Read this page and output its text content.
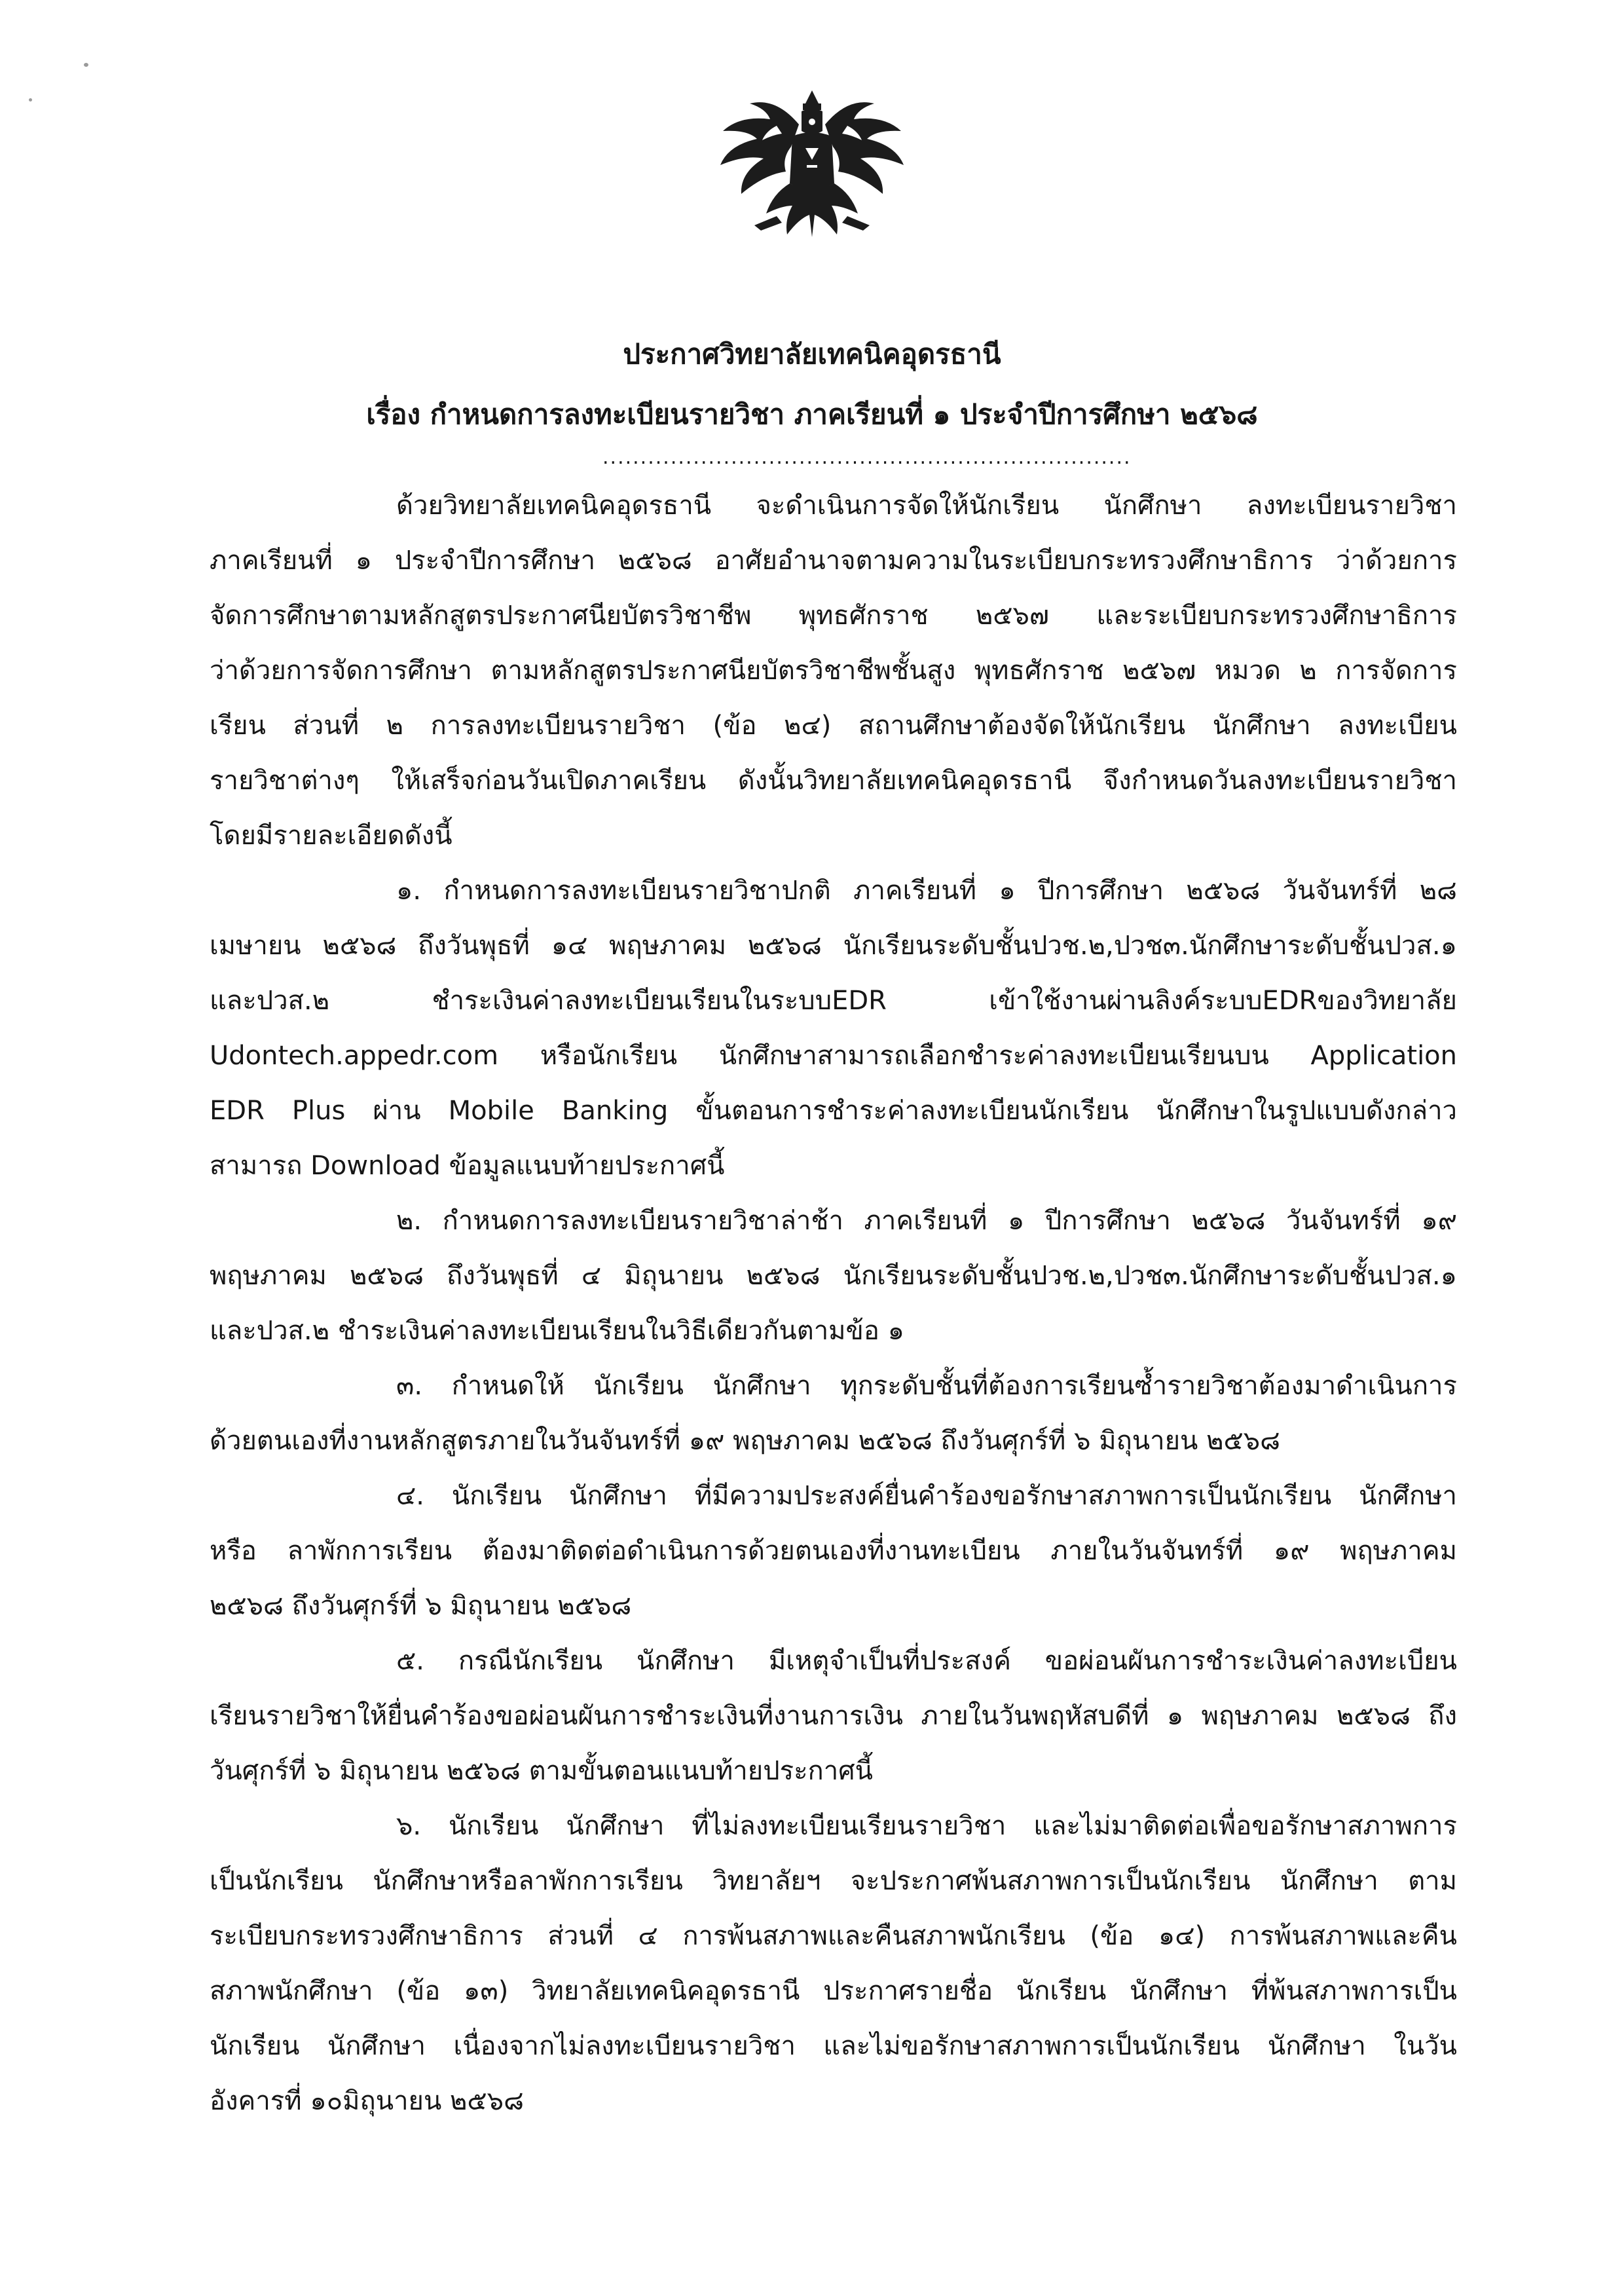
ประกาศวิทยาลัยเทคนิคอุดรธานี
เรื่อง กำหนดการลงทะเบียนรายวิชา ภาคเรียนที่ ๑ ประจำปีการศึกษา ๒๕๖๘
......................................................................
ด้วยวิทยาลัยเทคนิคอุดรธานี จะดำเนินการจัดให้นักเรียน นักศึกษา ลงทะเบียนรายวิชา
ภาคเรียนที่ ๑ ประจำปีการศึกษา ๒๕๖๘ อาศัยอำนาจตามความในระเบียบกระทรวงศึกษาธิการ ว่าด้วยการ
จัดการศึกษาตามหลักสูตรประกาศนียบัตรวิชาชีพ พุทธศักราช ๒๕๖๗ และระเบียบกระทรวงศึกษาธิการ
ว่าด้วยการจัดการศึกษา ตามหลักสูตรประกาศนียบัตรวิชาชีพชั้นสูง พุทธศักราช ๒๕๖๗ หมวด ๒ การจัดการ
เรียน ส่วนที่ ๒ การลงทะเบียนรายวิชา (ข้อ ๒๔) สถานศึกษาต้องจัดให้นักเรียน นักศึกษา ลงทะเบียน
รายวิชาต่างๆ ให้เสร็จก่อนวันเปิดภาคเรียน ดังนั้นวิทยาลัยเทคนิคอุดรธานี จึงกำหนดวันลงทะเบียนรายวิชา
โดยมีรายละเอียดดังนี้
๑. กำหนดการลงทะเบียนรายวิชาปกติ ภาคเรียนที่ ๑ ปีการศึกษา ๒๕๖๘ วันจันทร์ที่ ๒๘
เมษายน ๒๕๖๘ ถึงวันพุธที่ ๑๔ พฤษภาคม ๒๕๖๘ นักเรียนระดับชั้นปวช.๒,ปวช๓.นักศึกษาระดับชั้นปวส.๑
และปวส.๒ ชำระเงินค่าลงทะเบียนเรียนในระบบEDR เข้าใช้งานผ่านลิงค์ระบบEDRของวิทยาลัย
Udontech.appedr.com หรือนักเรียน นักศึกษาสามารถเลือกชำระค่าลงทะเบียนเรียนบน Application
EDR Plus ผ่าน Mobile Banking ขั้นตอนการชำระค่าลงทะเบียนนักเรียน นักศึกษาในรูปแบบดังกล่าว
สามารถ Download ข้อมูลแนบท้ายประกาศนี้
๒. กำหนดการลงทะเบียนรายวิชาล่าช้า ภาคเรียนที่ ๑ ปีการศึกษา ๒๕๖๘ วันจันทร์ที่ ๑๙
พฤษภาคม ๒๕๖๘ ถึงวันพุธที่ ๔ มิถุนายน ๒๕๖๘ นักเรียนระดับชั้นปวช.๒,ปวช๓.นักศึกษาระดับชั้นปวส.๑
และปวส.๒ ชำระเงินค่าลงทะเบียนเรียนในวิธีเดียวกันตามข้อ ๑
๓. กำหนดให้ นักเรียน นักศึกษา ทุกระดับชั้นที่ต้องการเรียนซ้ำรายวิชาต้องมาดำเนินการ
ด้วยตนเองที่งานหลักสูตรภายในวันจันทร์ที่ ๑๙ พฤษภาคม ๒๕๖๘ ถึงวันศุกร์ที่ ๖ มิถุนายน ๒๕๖๘
๔. นักเรียน นักศึกษา ที่มีความประสงค์ยื่นคำร้องขอรักษาสภาพการเป็นนักเรียน นักศึกษา
หรือ ลาพักการเรียน ต้องมาติดต่อดำเนินการด้วยตนเองที่งานทะเบียน ภายในวันจันทร์ที่ ๑๙ พฤษภาคม
๒๕๖๘ ถึงวันศุกร์ที่ ๖ มิถุนายน ๒๕๖๘
๕. กรณีนักเรียน นักศึกษา มีเหตุจำเป็นที่ประสงค์ ขอผ่อนผันการชำระเงินค่าลงทะเบียน
เรียนรายวิชาให้ยื่นคำร้องขอผ่อนผันการชำระเงินที่งานการเงิน ภายในวันพฤหัสบดีที่ ๑ พฤษภาคม ๒๕๖๘ ถึง
วันศุกร์ที่ ๖ มิถุนายน ๒๕๖๘ ตามขั้นตอนแนบท้ายประกาศนี้
๖. นักเรียน นักศึกษา ที่ไม่ลงทะเบียนเรียนรายวิชา และไม่มาติดต่อเพื่อขอรักษาสภาพการ
เป็นนักเรียน นักศึกษาหรือลาพักการเรียน วิทยาลัยฯ จะประกาศพ้นสภาพการเป็นนักเรียน นักศึกษา ตาม
ระเบียบกระทรวงศึกษาธิการ ส่วนที่ ๔ การพ้นสภาพและคืนสภาพนักเรียน (ข้อ ๑๔) การพ้นสภาพและคืน
สภาพนักศึกษา (ข้อ ๑๓) วิทยาลัยเทคนิคอุดรธานี ประกาศรายชื่อ นักเรียน นักศึกษา ที่พ้นสภาพการเป็น
นักเรียน นักศึกษา เนื่องจากไม่ลงทะเบียนรายวิชา และไม่ขอรักษาสภาพการเป็นนักเรียน นักศึกษา ในวัน
อังคารที่ ๑๐มิถุนายน ๒๕๖๘
